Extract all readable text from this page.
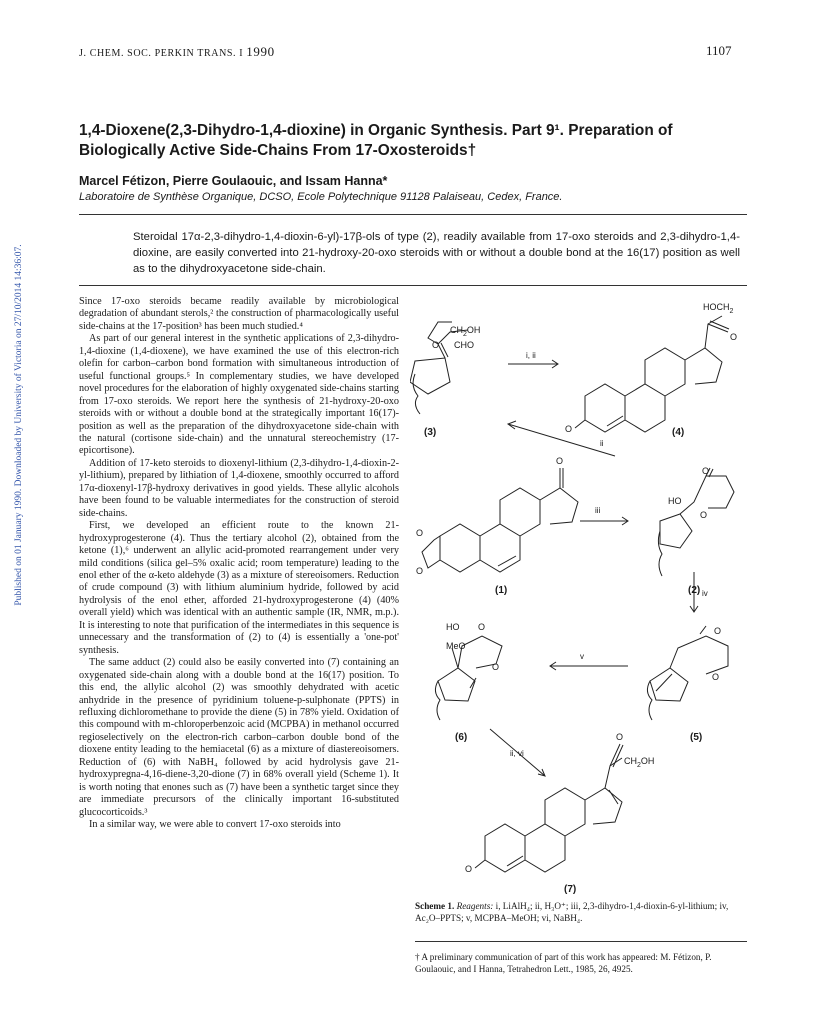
Published on 01 January 1990. Downloaded by University of Victoria on 27/10/2014 14:36:07.
J. CHEM. SOC. PERKIN TRANS. I 1990	1107
1,4-Dioxene(2,3-Dihydro-1,4-dioxine) in Organic Synthesis. Part 9¹. Preparation of Biologically Active Side-Chains From 17-Oxosteroids†
Marcel Fétizon, Pierre Goulaouic, and Issam Hanna*
Laboratoire de Synthèse Organique, DCSO, Ecole Polytechnique 91128 Palaiseau, Cedex, France.
Steroidal 17α-2,3-dihydro-1,4-dioxin-6-yl)-17β-ols of type (2), readily available from 17-oxo steroids and 2,3-dihydro-1,4-dioxine, are easily converted into 21-hydroxy-20-oxo steroids with or without a double bond at the 16(17) position as well as to the dihydroxyacetone side-chain.

Since 17-oxo steroids became readily available by microbiological degradation of abundant sterols,² the construction of pharmacologically useful side-chains at the 17-position³ has been much studied.⁴

As part of our general interest in the synthetic applications of 2,3-dihydro-1,4-dioxine (1,4-dioxene), we have examined the use of this electron-rich olefin for carbon–carbon bond formation with simultaneous introduction of useful functional groups.⁵ In complementary studies, we have developed novel procedures for the elaboration of highly oxygenated side-chains starting from 17-oxo steroids. We report here the synthesis of 21-hydroxy-20-oxo steroids with or without a double bond at the strategically important 16(17)-position as well as the preparation of the dihydroxyacetone side-chain with the natural (cortisone side-chain) and the unnatural stereochemistry (17-epicortisone).

Addition of 17-keto steroids to dioxenyl-lithium (2,3-dihydro-1,4-dioxin-2-yl-lithium), prepared by lithiation of 1,4-dioxene, smoothly occurred to afford 17α-dioxenyl-17β-hydroxy derivatives in good yields. These allylic alcohols have been found to be valuable intermediates for the construction of steroid side-chains.

First, we developed an efficient route to the known 21-hydroxyprogesterone (4). Thus the tertiary alcohol (2), obtained from the ketone (1),⁶ underwent an allylic acid-promoted rearrangement under very mild conditions (silica gel–5% oxalic acid; room temperature) leading to the enol ether of the α-keto aldehyde (3) as a mixture of stereoisomers. Reduction of crude compound (3) with lithium aluminium hydride, followed by acid hydrolysis of the enol ether, afforded 21-hydroxyprogesterone (4) (40% overall yield) which was identical with an authentic sample (IR, NMR, m.p.). It is interesting to note that purification of the intermediates in this sequence is unnecessary and the transformation of (2) to (4) is essentially a 'one-pot' synthesis.

The same adduct (2) could also be easily converted into (7) containing an oxygenated side-chain along with a double bond at the 16(17) position. To this end, the allylic alcohol (2) was smoothly dehydrated with acetic anhydride in the presence of pyridinium toluene-p-sulphonate (PPTS) in refluxing dichloromethane to provide the diene (5) in 78% yield. Oxidation of this compound with m-chloroperbenzoic acid (MCPBA) in methanol occurred regioselectively on the electron-rich carbon–carbon double bond of the dioxene entity leading to the hemiacetal (6) as a mixture of diastereoisomers. Reduction of (6) with NaBH₄ followed by acid hydrolysis gave 21-hydroxypregna-4,16-diene-3,20-dione (7) in 68% overall yield (Scheme 1). It is worth noting that enones such as (7) have been a synthetic target since they are immediate precursors of the clinically important 16-substituted glucocorticoids.³

In a similar way, we were able to convert 17-oxo steroids into

(3)	(4)
(1)	(2)
(6)	(5)
(7)
i, ii
ii
iii
iv
v
ii, vi
$HOCH_2$
$CH_2OH$
CHO
O
O
O
O
O
O
HO
O
O
O
O
HO
MeO
O
O
O
$CH_2OH$
O
Scheme 1. Reagents: i, LiAlH₄; ii, H₃O⁺; iii, 2,3-dihydro-1,4-dioxin-6-yl-lithium; iv, Ac₂O–PPTS; v, MCPBA–MeOH; vi, NaBH₄.
† A preliminary communication of part of this work has appeared: M. Fétizon, P. Goulaouic, and I Hanna, Tetrahedron Lett., 1985, 26, 4925.
